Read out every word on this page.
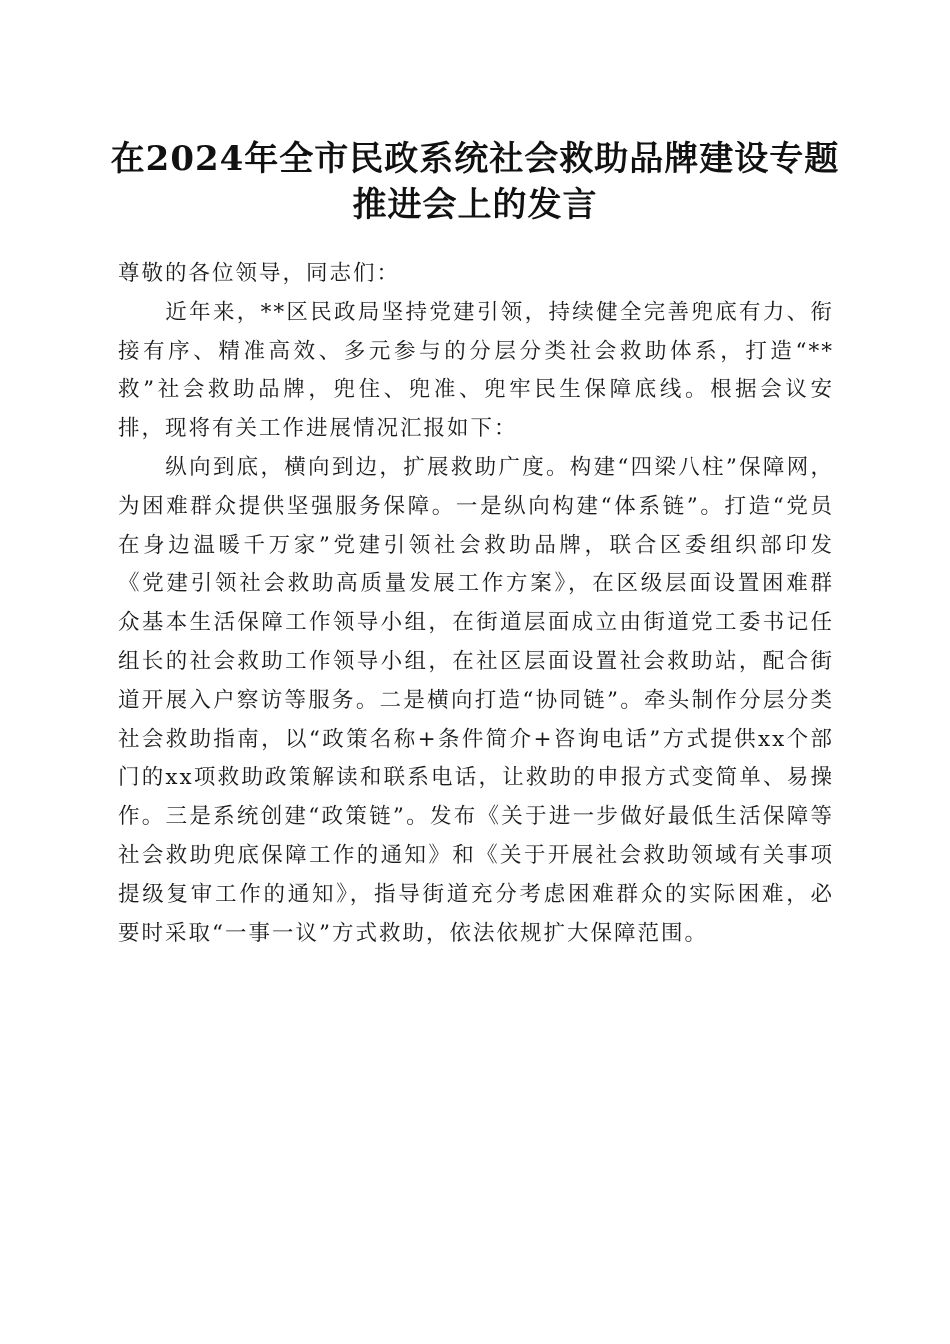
在2024年全市民政系统社会救助品牌建设专题推进会上的发言

尊敬的各位领导，同志们：

近年来，**区民政局坚持党建引领，持续健全完善兜底有力、衔接有序、精准高效、多元参与的分层分类社会救助体系，打造“**救”社会救助品牌，兜住、兜准、兜牢民生保障底线。根据会议安排，现将有关工作进展情况汇报如下：

纵向到底，横向到边，扩展救助广度。构建“四梁八柱”保障网，为困难群众提供坚强服务保障。一是纵向构建“体系链”。打造“党员在身边温暖千万家”党建引领社会救助品牌，联合区委组织部印发《党建引领社会救助高质量发展工作方案》，在区级层面设置困难群众基本生活保障工作领导小组，在街道层面成立由街道党工委书记任组长的社会救助工作领导小组，在社区层面设置社会救助站，配合街道开展入户察访等服务。二是横向打造“协同链”。牵头制作分层分类社会救助指南，以“政策名称+条件简介+咨询电话”方式提供xx个部门的xx项救助政策解读和联系电话，让救助的申报方式变简单、易操作。三是系统创建“政策链”。发布《关于进一步做好最低生活保障等社会救助兜底保障工作的通知》和《关于开展社会救助领域有关事项提级复审工作的通知》，指导街道充分考虑困难群众的实际困难，必要时采取“一事一议”方式救助，依法依规扩大保障范围。
